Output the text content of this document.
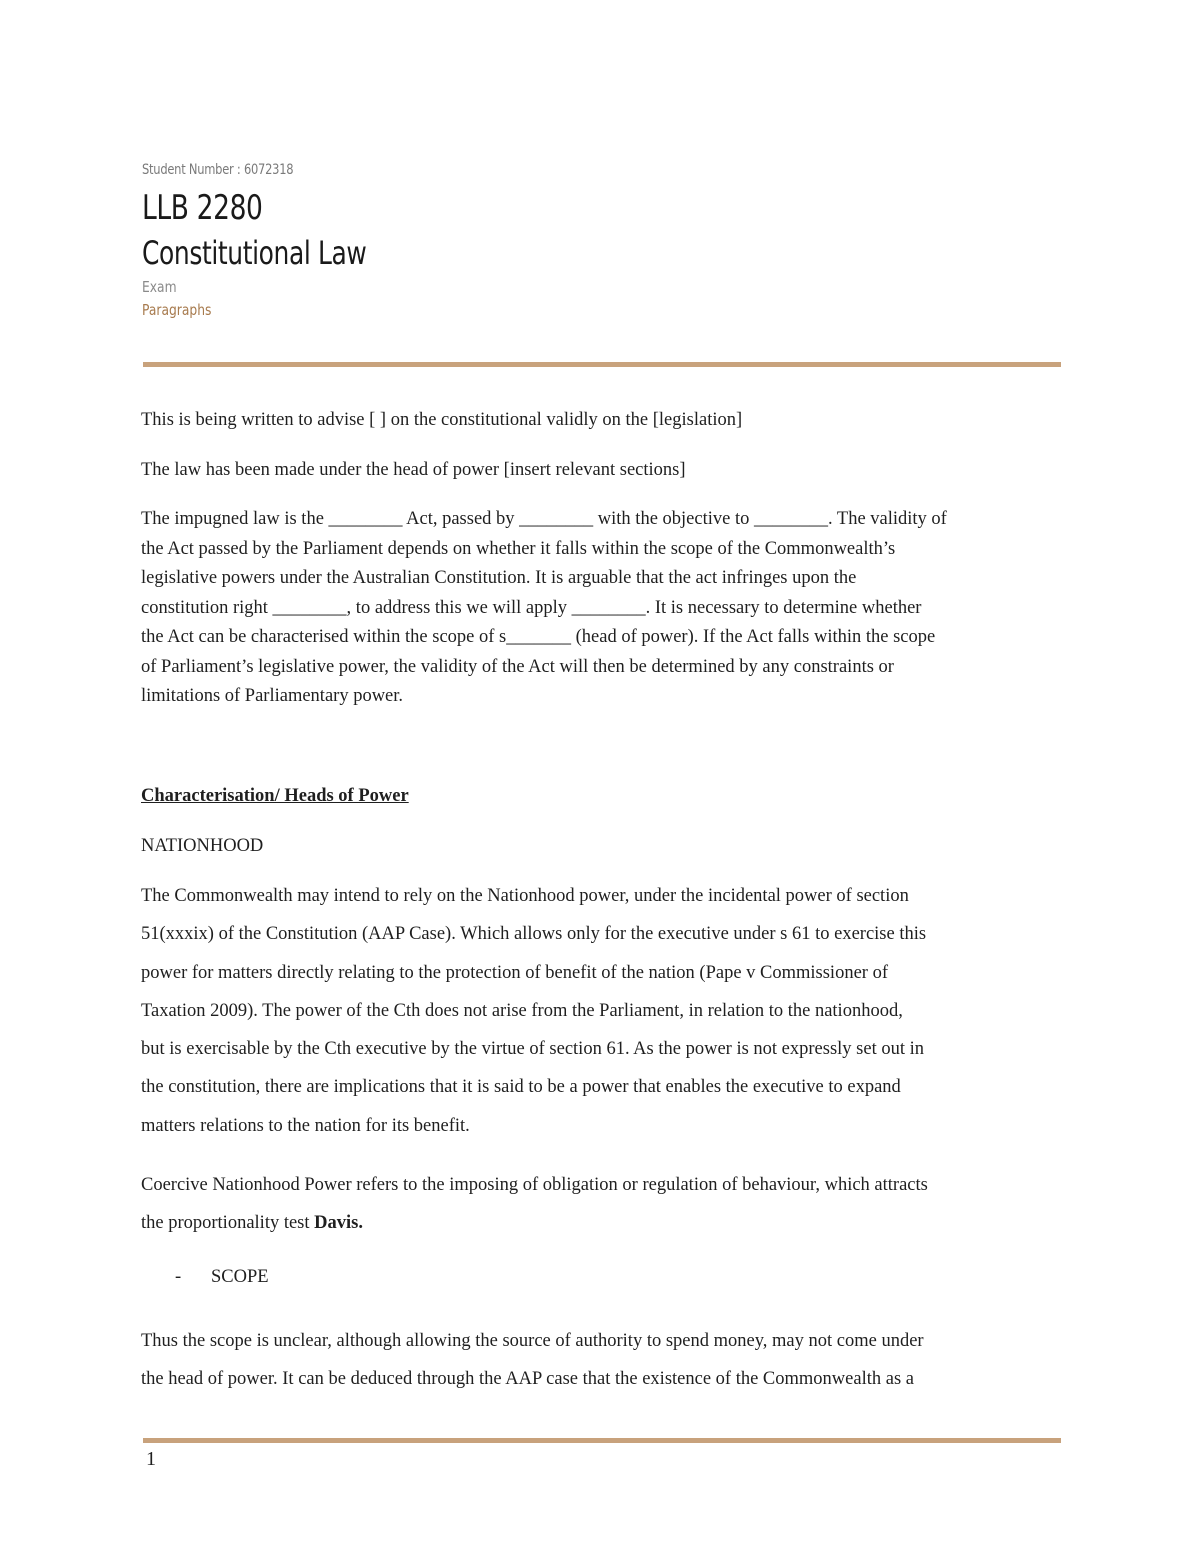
Student Number : 6072318
LLB 2280
Constitutional Law
Exam
Paragraphs

This is being written to advise [ ] on the constitutional validly on the [legislation]

The law has been made under the head of power [insert relevant sections]

The impugned law is the ________ Act, passed by ________ with the objective to ________. The validity of

the Act passed by the Parliament depends on whether it falls within the scope of the Commonwealth’s

legislative powers under the Australian Constitution. It is arguable that the act infringes upon the

constitution right ________, to address this we will apply ________. It is necessary to determine whether

the Act can be characterised within the scope of s_______ (head of power). If the Act falls within the scope

of Parliament’s legislative power, the validity of the Act will then be determined by any constraints or

limitations of Parliamentary power.

Characterisation/ Heads of Power

NATIONHOOD

The Commonwealth may intend to rely on the Nationhood power, under the incidental power of section

51(xxxix) of the Constitution (AAP Case). Which allows only for the executive under s 61 to exercise this

power for matters directly relating to the protection of benefit of the nation (Pape v Commissioner of

Taxation 2009). The power of the Cth does not arise from the Parliament, in relation to the nationhood,

but is exercisable by the Cth executive by the virtue of section 61. As the power is not expressly set out in

the constitution, there are implications that it is said to be a power that enables the executive to expand

matters relations to the nation for its benefit.

Coercive Nationhood Power refers to the imposing of obligation or regulation of behaviour, which attracts

the proportionality test Davis.

-	SCOPE

Thus the scope is unclear, although allowing the source of authority to spend money, may not come under

the head of power. It can be deduced through the AAP case that the existence of the Commonwealth as a

1
